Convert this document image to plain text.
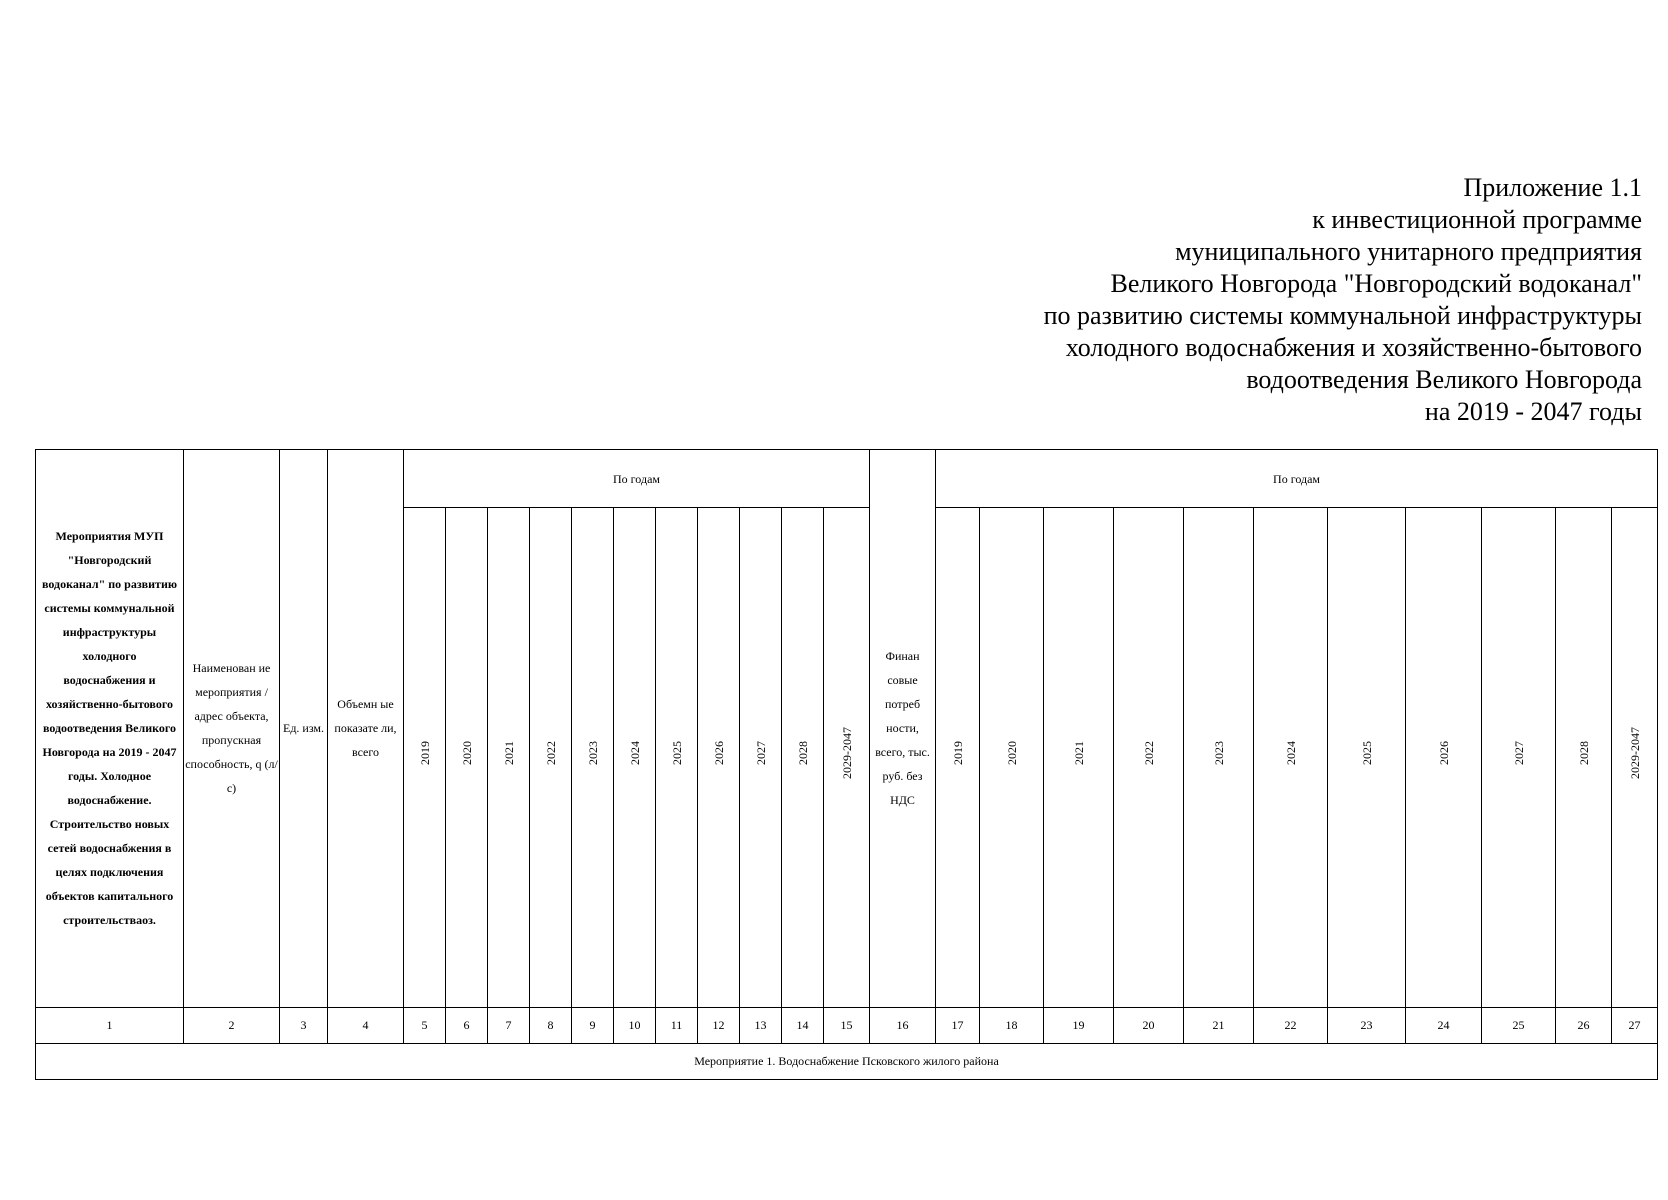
Приложение 1.1
к инвестиционной программе
муниципального унитарного предприятия
Великого Новгорода "Новгородский водоканал"
по развитию системы коммунальной инфраструктуры
холодного водоснабжения и хозяйственно-бытового
водоотведения Великого Новгорода
на 2019 - 2047 годы
Мероприятия МУП "Новгородский водоканал" по развитию системы коммунальной инфраструктуры холодного водоснабжения и хозяйственно-бытового водоотведения Великого Новгорода на 2019 - 2047 годы. Холодное водоснабжение. Строительство новых сетей водоснабжения в целях подключения объектов капитального строительстваоз.	Наименован ие мероприятия /адрес объекта, пропускная способность, q (л/с)	Ед. изм.	Объемн ые показате ли, всего	По годам											Финан совые потреб ности, всего, тыс. руб. без НДС	По годам										
				2019	2020	2021	2022	2023	2024	2025	2026	2027	2028	2029-2047		2019	2020	2021	2022	2023	2024	2025	2026	2027	2028	2029-2047
1	2	3	4	5	6	7	8	9	10	11	12	13	14	15	16	17	18	19	20	21	22	23	24	25	26	27
Мероприятие 1. Водоснабжение Псковского жилого района																										
